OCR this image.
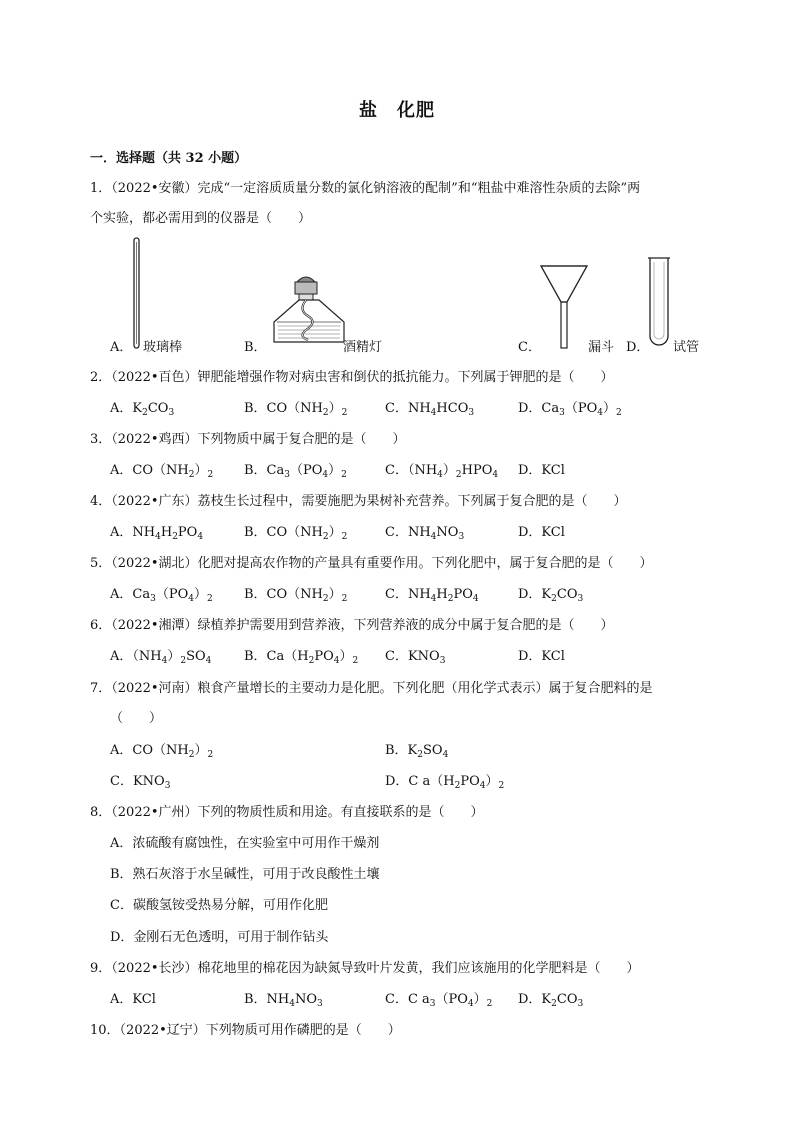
盐　化肥
一．选择题（共 32 小题）
1．（2022•安徽）完成“一定溶质质量分数的氯化钠溶液的配制”和“粗盐中难溶性杂质的去除”两
个实验，都必需用到的仪器是（　　）
A． 玻璃棒	B．	酒精灯	C．	漏斗 D． 试管
2．（2022•百色）钾肥能增强作物对病虫害和倒伏的抵抗能力。下列属于钾肥的是（　　）
A．$K_2CO_3$	B．$CO(NH_2)_2$	C．$NH_4HCO_3$	D．$Ca_3(PO_4)_2$
3．（2022•鸡西）下列物质中属于复合肥的是（　　）
A．$CO(NH_2)_2$ B．$Ca_3(PO_4)_2$	C．$(NH_4)_2HPO_4$ D．KCl
4．（2022•广东）荔枝生长过程中，需要施肥为果树补充营养。下列属于复合肥的是（　　）
A．$NH_4H_2PO_4$	B．$CO(NH_2)_2$	C．$NH_4NO_3$	D．KCl
5．（2022•湖北）化肥对提高农作物的产量具有重要作用。下列化肥中，属于复合肥的是（　　）
A．$Ca_3(PO_4)_2$ B．$CO(NH_2)_2$	C．$NH_4H_2PO_4$	D．$K_2CO_3$
6．（2022•湘潭）绿植养护需要用到营养液，下列营养液的成分中属于复合肥的是（　　）
A．$(NH_4)_2SO_4$	B．$Ca(H_2PO_4)_2$ C．$KNO_3$	D．KCl
7．（2022•河南）粮食产量增长的主要动力是化肥。下列化肥（用化学式表示）属于复合肥料的是
（　　）
A．$CO(NH_2)_2$	B．$K_2SO_4$
C．$KNO_3$	D．C $a(H_2PO_4)_2$
8．（2022•广州）下列的物质性质和用途。有直接联系的是（　　）
A．浓硫酸有腐蚀性，在实验室中可用作干燥剂
B．熟石灰溶于水呈碱性，可用于改良酸性土壤
C．碳酸氢铵受热易分解，可用作化肥
D．金刚石无色透明，可用于制作钻头
9．（2022•长沙）棉花地里的棉花因为缺氮导致叶片发黄，我们应该施用的化学肥料是（　　）
A．KCl	B．$NH_4NO_3$	C．C $a_3(PO_4)_2$ D．$K_2CO_3$
10．（2022•辽宁）下列物质可用作磷肥的是（　　）
